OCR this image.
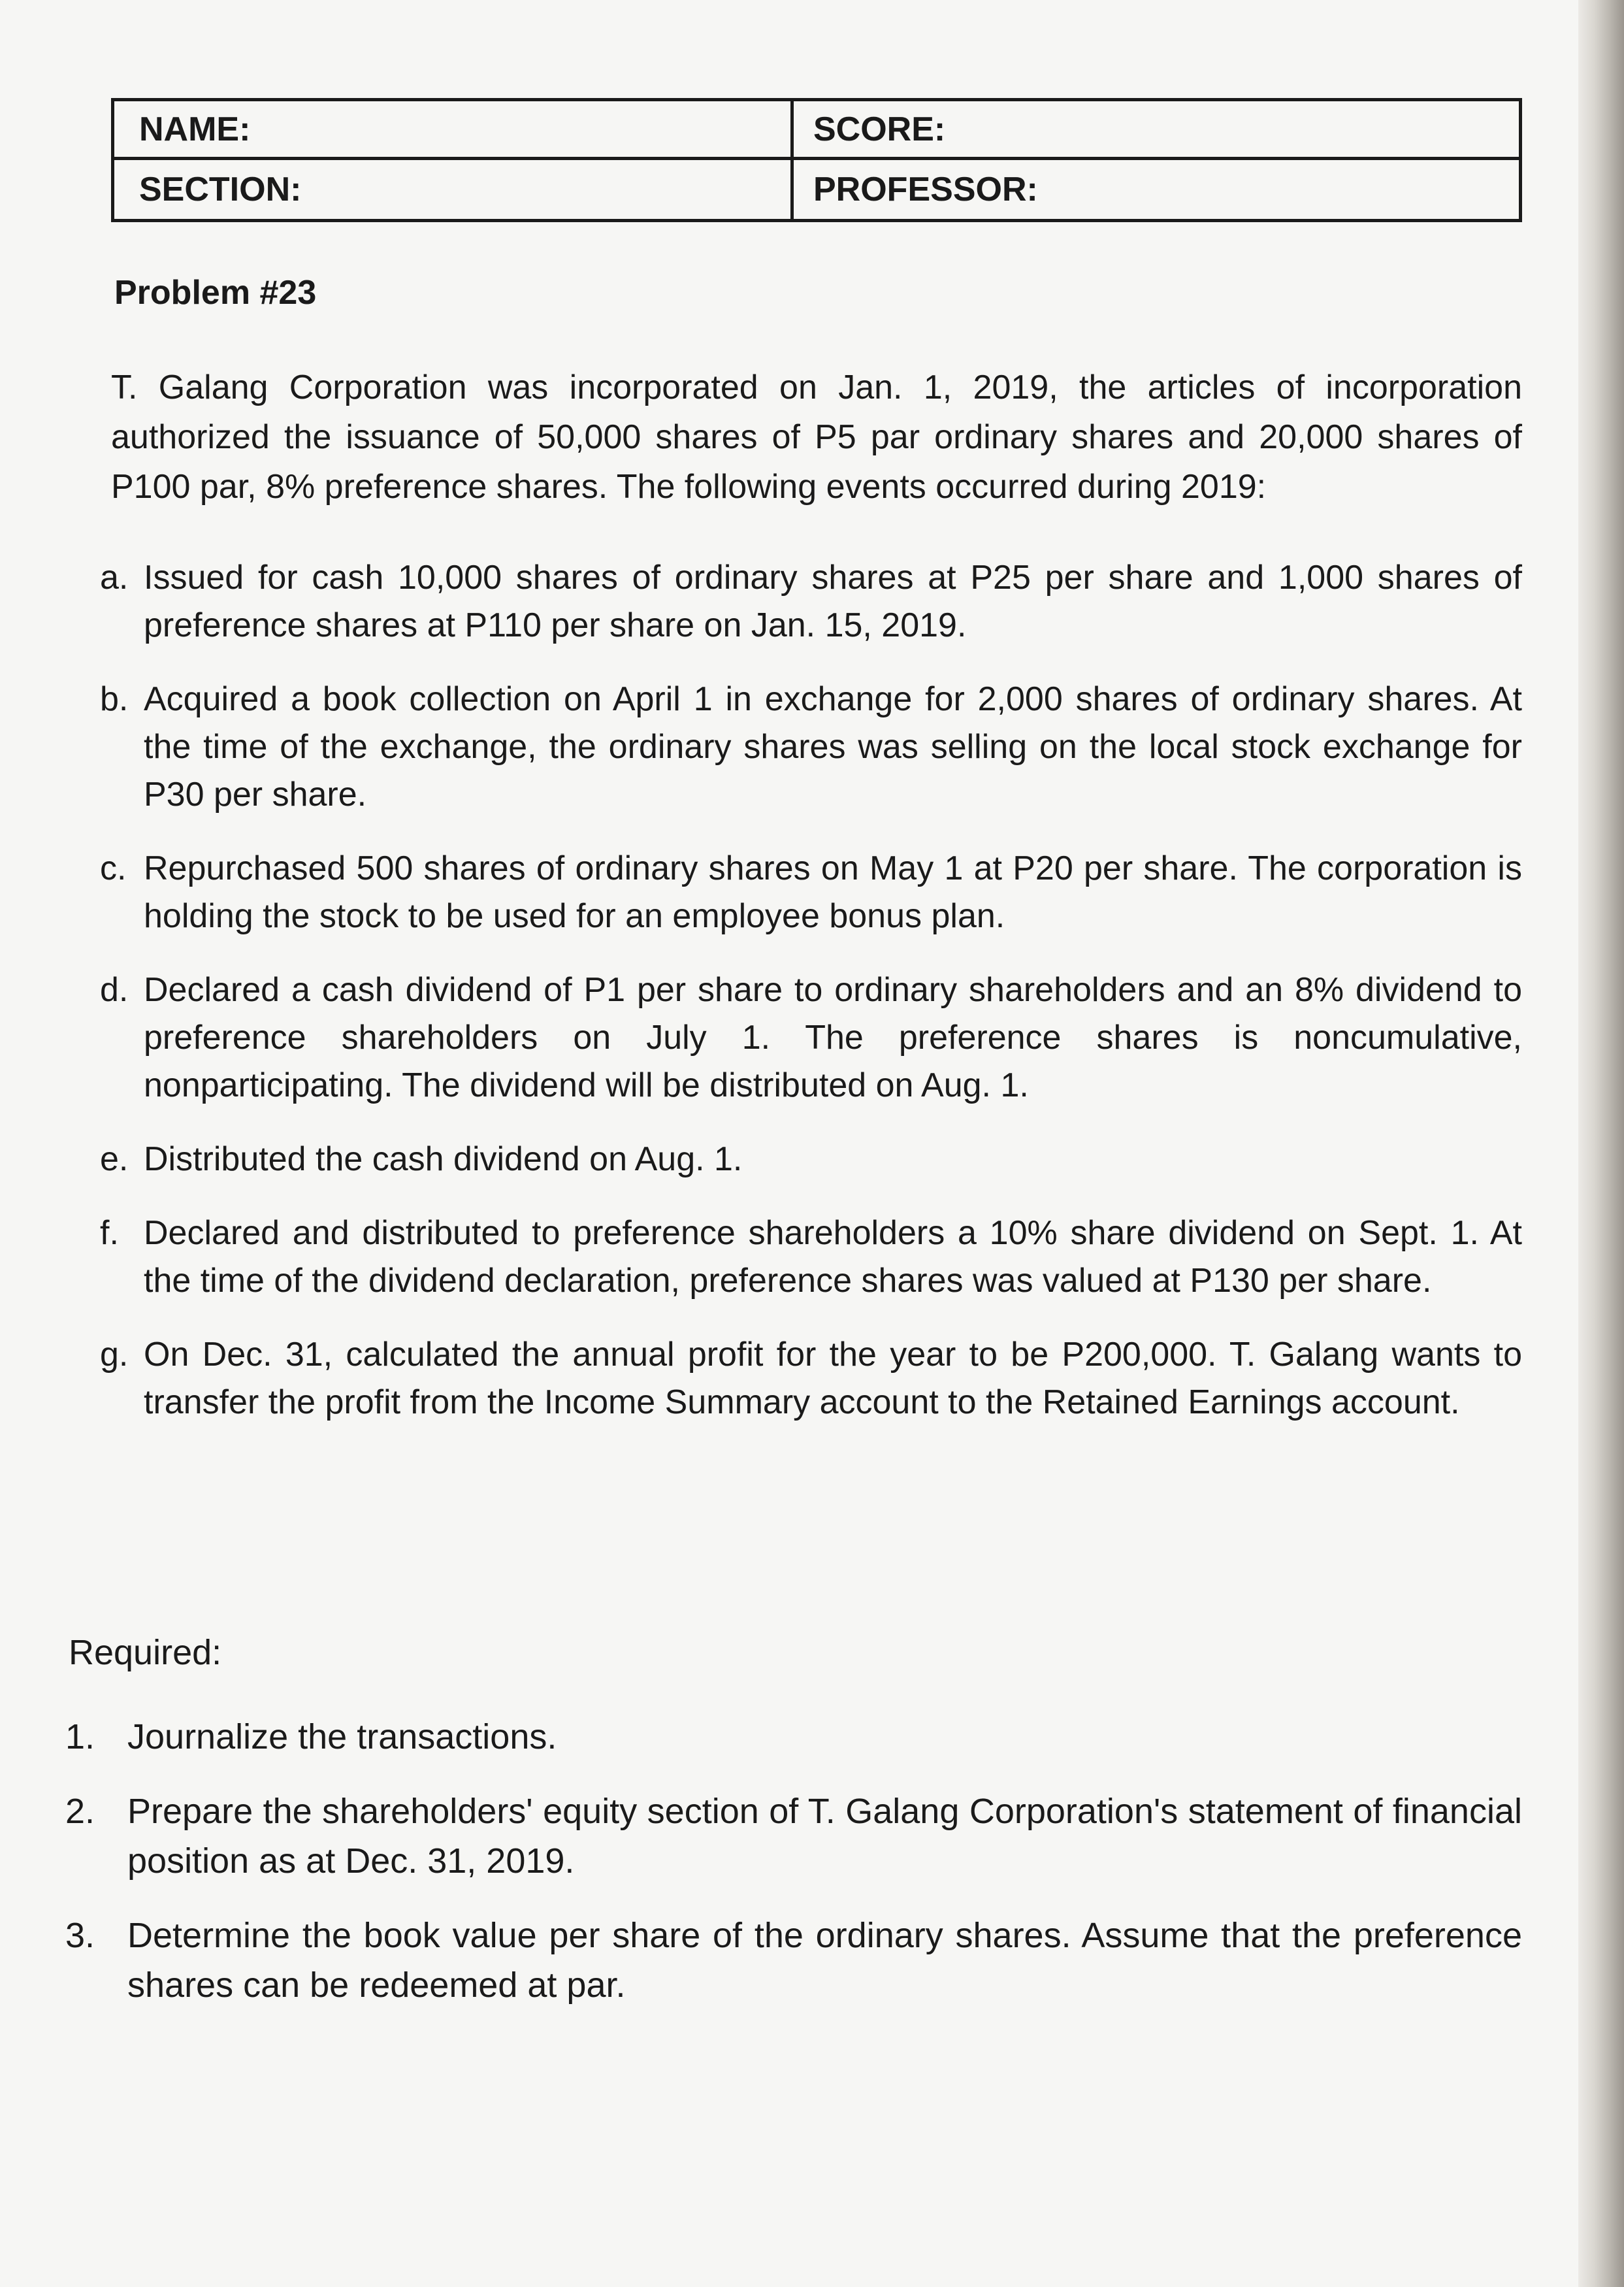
NAME:	SCORE:
SECTION:	PROFESSOR:
Problem #23

T. Galang Corporation was incorporated on Jan. 1, 2019, the articles of incorporation authorized the issuance of 50,000 shares of P5 par ordinary shares and 20,000 shares of P100 par, 8% preference shares. The following events occurred during 2019:

a. Issued for cash 10,000 shares of ordinary shares at P25 per share and 1,000 shares of preference shares at P110 per share on Jan. 15, 2019.
b. Acquired a book collection on April 1 in exchange for 2,000 shares of ordinary shares. At the time of the exchange, the ordinary shares was selling on the local stock exchange for P30 per share.
c. Repurchased 500 shares of ordinary shares on May 1 at P20 per share. The corporation is holding the stock to be used for an employee bonus plan.
d. Declared a cash dividend of P1 per share to ordinary shareholders and an 8% dividend to preference shareholders on July 1. The preference shares is noncumulative, nonparticipating. The dividend will be distributed on Aug. 1.
e. Distributed the cash dividend on Aug. 1.
f. Declared and distributed to preference shareholders a 10% share dividend on Sept. 1. At the time of the dividend declaration, preference shares was valued at P130 per share.
g. On Dec. 31, calculated the annual profit for the year to be P200,000. T. Galang wants to transfer the profit from the Income Summary account to the Retained Earnings account.
Required:
1. Journalize the transactions.
2. Prepare the shareholders' equity section of T. Galang Corporation's statement of financial position as at Dec. 31, 2019.
3. Determine the book value per share of the ordinary shares. Assume that the preference shares can be redeemed at par.
